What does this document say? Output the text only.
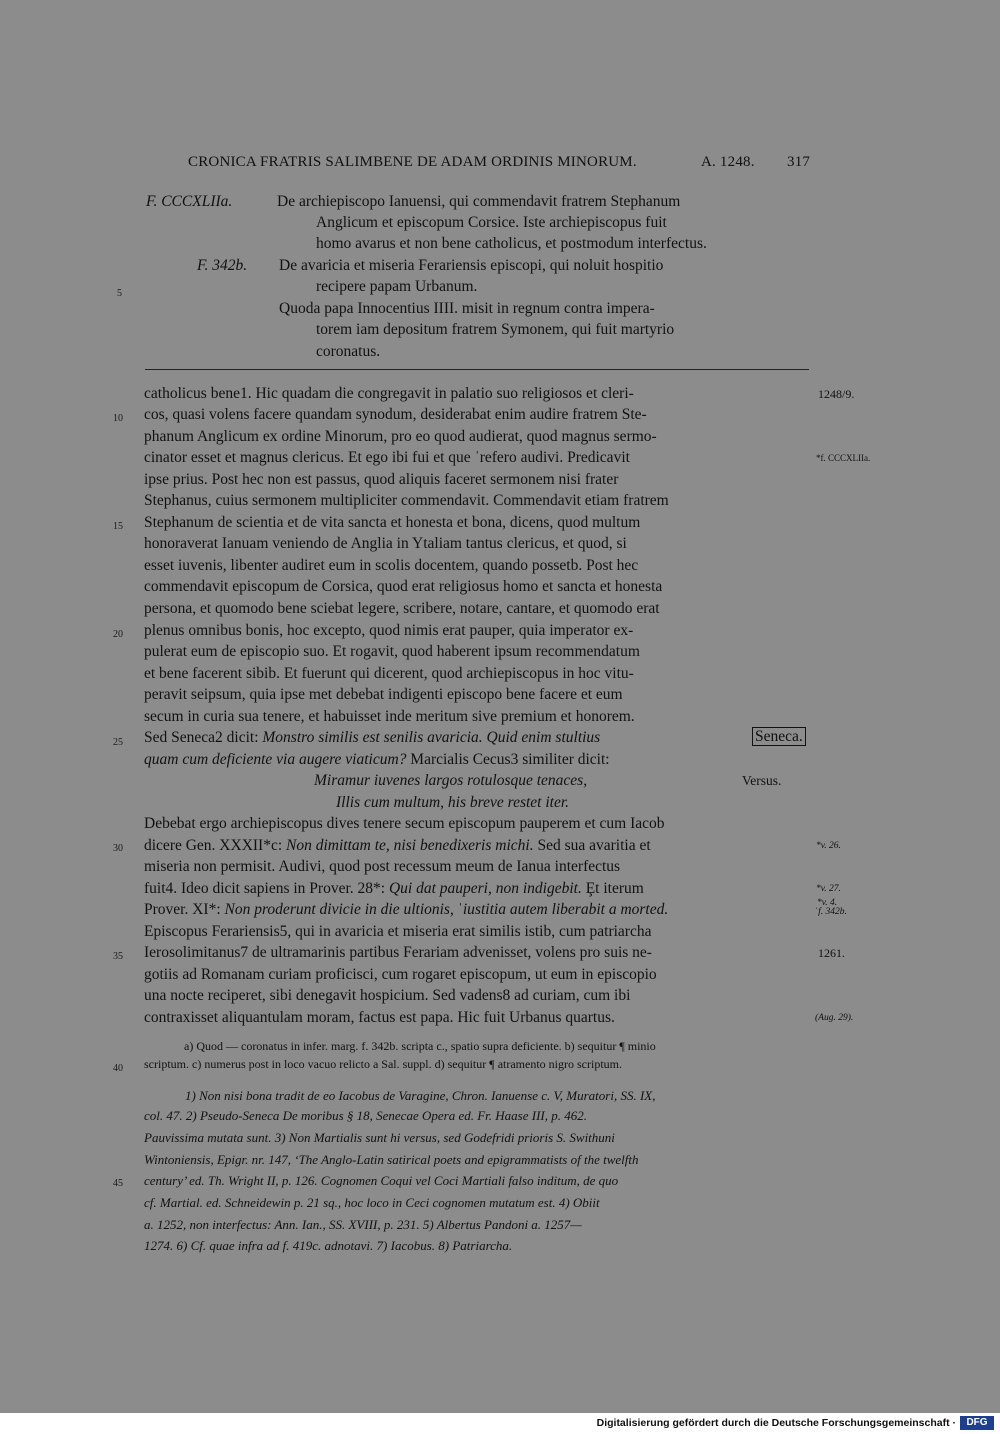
CRONICA FRATRIS SALIMBENE DE ADAM ORDINIS MINORUM.	A. 1248. 317
F. CCCXLIIa.	De archiepiscopo Ianuensi, qui commendavit fratrem Stephanum
Anglicum et episcopum Corsice. Iste archiepiscopus fuit
homo avarus et non bene catholicus, et postmodum interfectus.
F. 342b. De avaricia et miseria Ferariensis episcopi, qui noluit hospitio
recipere papam Urbanum.
Quoda papa Innocentius IIII. misit in regnum contra impera-
torem iam depositum fratrem Symonem, qui fuit martyrio
coronatus.
5
10
15
20
25
30
35
40
45
catholicus bene1. Hic quadam die congregavit in palatio suo religiosos et cleri-
cos, quasi volens facere quandam synodum, desiderabat enim audire fratrem Ste-
phanum Anglicum ex ordine Minorum, pro eo quod audierat, quod magnus sermo-
cinator esset et magnus clericus. Et ego ibi fui et que ˈrefero audivi. Predicavit
ipse prius. Post hec non est passus, quod aliquis faceret sermonem nisi frater
Stephanus, cuius sermonem multipliciter commendavit. Commendavit etiam fratrem
Stephanum de scientia et de vita sancta et honesta et bona, dicens, quod multum
honoraverat Ianuam veniendo de Anglia in Ytaliam tantus clericus, et quod, si
esset iuvenis, libenter audiret eum in scolis docentem, quando possetb. Post hec
commendavit episcopum de Corsica, quod erat religiosus homo et sancta et honesta
persona, et quomodo bene sciebat legere, scribere, notare, cantare, et quomodo erat
plenus omnibus bonis, hoc excepto, quod nimis erat pauper, quia imperator ex-
pulerat eum de episcopio suo. Et rogavit, quod haberent ipsum recommendatum
et bene facerent sibib. Et fuerunt qui dicerent, quod archiepiscopus in hoc vitu-
peravit seipsum, quia ipse met debebat indigenti episcopo bene facere et eum
secum in curia sua tenere, et habuisset inde meritum sive premium et honorem.
Sed Seneca2 dicit: Monstro similis est senilis avaricia. Quid enim stultius	Seneca.
quam cum deficiente via augere viaticum? Marcialis Cecus3 similiter dicit:
Miramur iuvenes largos rotulosque tenaces,
Illis cum multum, his breve restet iter.
Versus.
Debebat ergo archiepiscopus dives tenere secum episcopum pauperem et cum Iacob
dicere Gen. XXXII*c: Non dimittam te, nisi benedixeris michi. Sed sua avaritia et
miseria non permisit. Audivi, quod post recessum meum de Ianua interfectus
fuit4. Ideo dicit sapiens in Prover. 28*: Qui dat pauperi, non indigebit. Ȩt iterum
Prover. XI*: Non proderunt divicie in die ultionis, ˈiustitia autem liberabit a morted.
Episcopus Ferariensis5, qui in avaricia et miseria erat similis istib, cum patriarcha
Ierosolimitanus7 de ultramarinis partibus Ferariam advenisset, volens pro suis ne-
gotiis ad Romanam curiam proficisci, cum rogaret episcopum, ut eum in episcopio
una nocte reciperet, sibi denegavit hospicium. Sed vadens8 ad curiam, cum ibi
contraxisset aliquantulam moram, factus est papa. Hic fuit Urbanus quartus.
1248/9.
*f. CCCXLIIa.
*v. 26.
*v. 27.
*v. 4.
ˈf. 342b.
1261.
(Aug. 29).
a) Quod — coronatus in infer. marg. f. 342b. scripta c., spatio supra deficiente. b) sequitur ¶ minio
scriptum. c) numerus post in loco vacuo relicto a Sal. suppl. d) sequitur ¶ atramento nigro scriptum.
1) Non nisi bona tradit de eo Iacobus de Varagine, Chron. Ianuense c. V, Muratori, SS. IX,
col. 47. 2) Pseudo-Seneca De moribus § 18, Senecae Opera ed. Fr. Haase III, p. 462.
Pauvissima mutata sunt. 3) Non Martialis sunt hi versus, sed Godefridi prioris S. Swithuni
Wintoniensis, Epigr. nr. 147, ‘The Anglo-Latin satirical poets and epigrammatists of the twelfth
century’ ed. Th. Wright II, p. 126. Cognomen Coqui vel Coci Martiali falso inditum, de quo
cf. Martial. ed. Schneidewin p. 21 sq., hoc loco in Ceci cognomen mutatum est. 4) Obiit
a. 1252, non interfectus: Ann. Ian., SS. XVIII, p. 231. 5) Albertus Pandoni a. 1257—
1274. 6) Cf. quae infra ad f. 419c. adnotavi. 7) Iacobus. 8) Patriarcha.
Digitalisierung gefördert durch die Deutsche Forschungsgemeinschaft ·	DFG
